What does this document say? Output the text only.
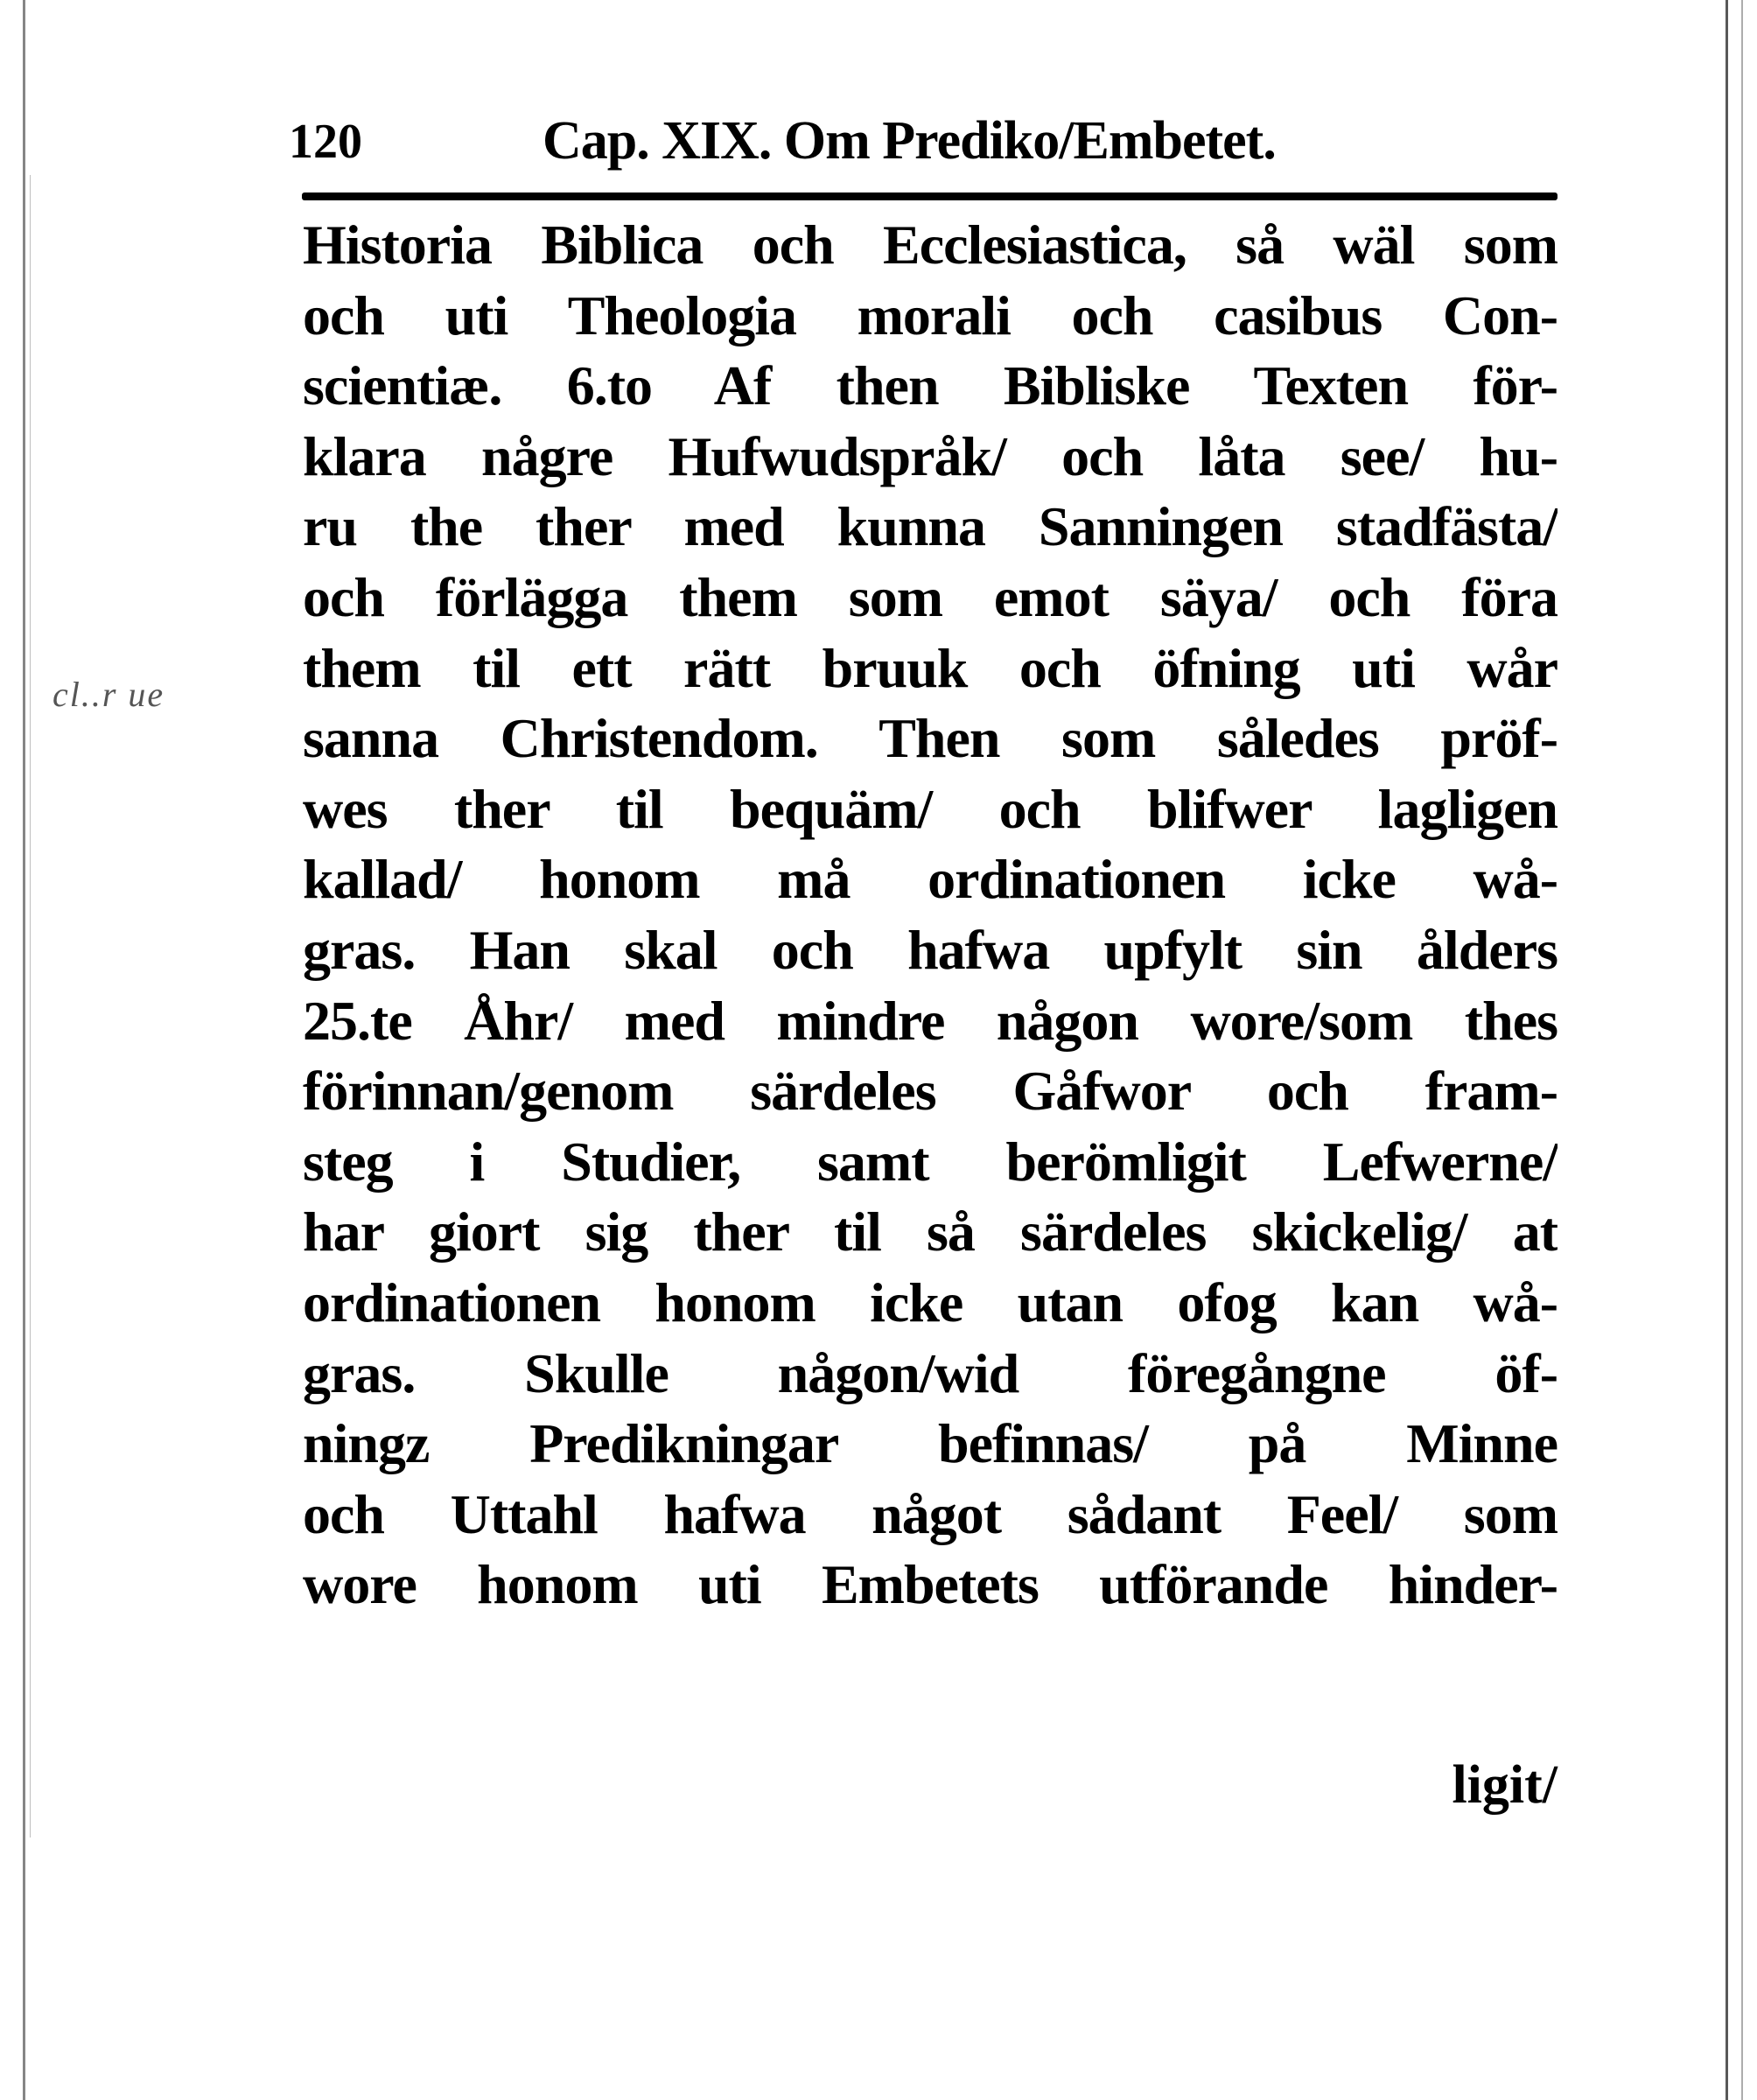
120	Cap. XIX. Om Prediko/Embetet.
cl..r ue
Historia Biblica och Ecclesiastica, så wäl som
och uti Theologia morali och casibus Con-
scientiæ. 6.to Af then Bibliske Texten för-
klara någre Hufwudspråk/ och låta see/ hu-
ru the ther med kunna Sanningen stadfästa/
och förlägga them som emot säya/ och föra
them til ett rätt bruuk och öfning uti wår
sanna Christendom. Then som således pröf-
wes ther til bequäm/ och blifwer lagligen
kallad/ honom må ordinationen icke wå-
gras. Han skal och hafwa upfylt sin ålders
25.te Åhr/ med mindre någon wore/som thes
förinnan/genom särdeles Gåfwor och fram-
steg i Studier, samt berömligit Lefwerne/
har giort sig ther til så särdeles skickelig/ at
ordinationen honom icke utan ofog kan wå-
gras. Skulle någon/wid föregångne öf-
ningz Predikningar befinnas/ på Minne
och Uttahl hafwa något sådant Feel/ som
wore honom uti Embetets utförande hinder-
ligit/
